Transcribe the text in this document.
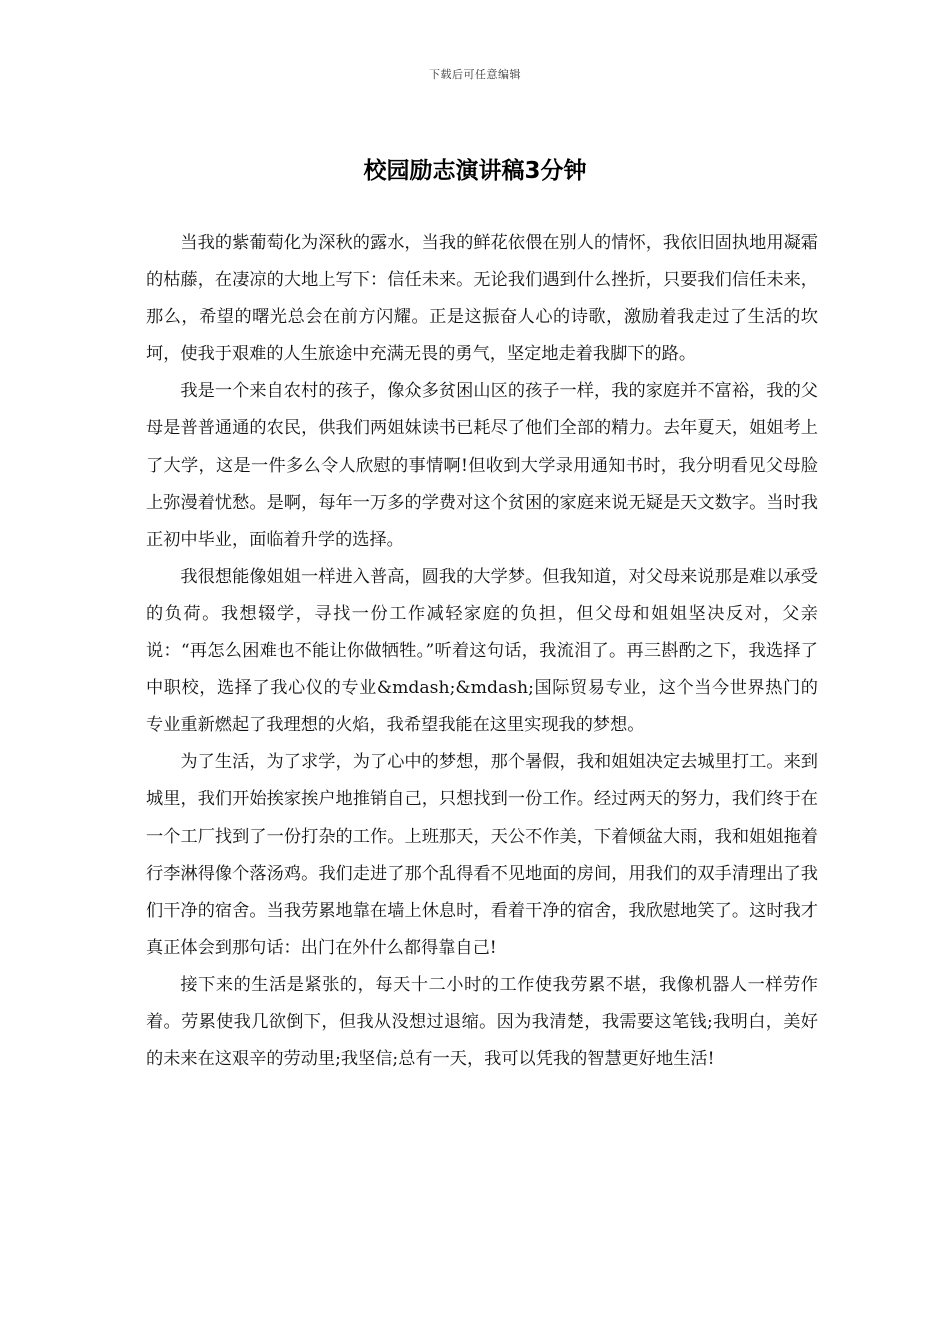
下载后可任意编辑
校园励志演讲稿3分钟

当我的紫葡萄化为深秋的露水，当我的鲜花依偎在别人的情怀，我依旧固执地用凝霜的枯藤，在凄凉的大地上写下：信任未来。无论我们遇到什么挫折，只要我们信任未来，那么，希望的曙光总会在前方闪耀。正是这振奋人心的诗歌，激励着我走过了生活的坎坷，使我于艰难的人生旅途中充满无畏的勇气，坚定地走着我脚下的路。

我是一个来自农村的孩子，像众多贫困山区的孩子一样，我的家庭并不富裕，我的父母是普普通通的农民，供我们两姐妹读书已耗尽了他们全部的精力。去年夏天，姐姐考上了大学，这是一件多么令人欣慰的事情啊!但收到大学录用通知书时，我分明看见父母脸上弥漫着忧愁。是啊，每年一万多的学费对这个贫困的家庭来说无疑是天文数字。当时我正初中毕业，面临着升学的选择。

我很想能像姐姐一样进入普高，圆我的大学梦。但我知道，对父母来说那是难以承受的负荷。我想辍学，寻找一份工作减轻家庭的负担，但父母和姐姐坚决反对，父亲说：“再怎么困难也不能让你做牺牲。”听着这句话，我流泪了。再三斟酌之下，我选择了中职校，选择了我心仪的专业&mdash;&mdash;国际贸易专业，这个当今世界热门的专业重新燃起了我理想的火焰，我希望我能在这里实现我的梦想。

为了生活，为了求学，为了心中的梦想，那个暑假，我和姐姐决定去城里打工。来到城里，我们开始挨家挨户地推销自己，只想找到一份工作。经过两天的努力，我们终于在一个工厂找到了一份打杂的工作。上班那天，天公不作美，下着倾盆大雨，我和姐姐拖着行李淋得像个落汤鸡。我们走进了那个乱得看不见地面的房间，用我们的双手清理出了我们干净的宿舍。当我劳累地靠在墙上休息时，看着干净的宿舍，我欣慰地笑了。这时我才真正体会到那句话：出门在外什么都得靠自己!

接下来的生活是紧张的，每天十二小时的工作使我劳累不堪，我像机器人一样劳作着。劳累使我几欲倒下，但我从没想过退缩。因为我清楚，我需要这笔钱;我明白，美好的未来在这艰辛的劳动里;我坚信;总有一天，我可以凭我的智慧更好地生活!
